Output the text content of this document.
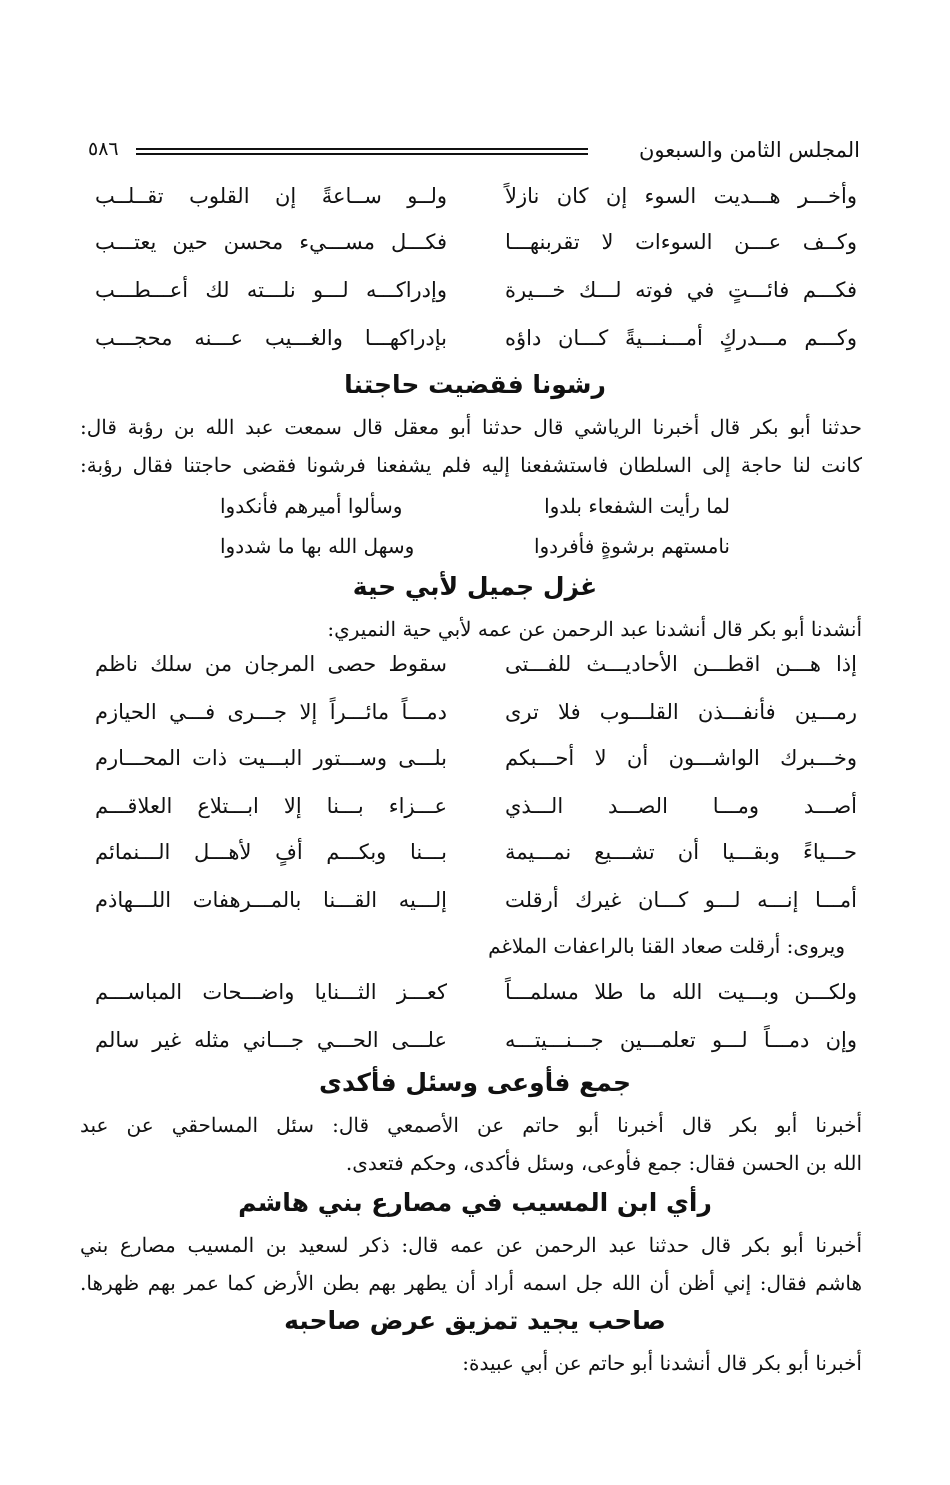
المجلس الثامن والسبعون
٥٨٦
وأخـــر هـــديت السوء إن كان نازلاً
ولــو ســاعةً إن القلوب تقــلــب
وكــف عـــن السوءات لا تقربنهـــا
فكـــل مســـيء محسن حين يعتـــب
فكـــم فائـــتٍ في فوته لـــك خـــيرة
وإدراكـــه لـــو نلـــته لك أعـــطـــب
وكـــم مـــدركٍ أمـــنـــيةً كـــان داؤه
بإدراكهـــا والغـــيب عـــنه محجـــب
رشونا فقضيت حاجتنا
حدثنا أبو بكر قال أخبرنا الرياشي قال حدثنا أبو معقل قال سمعت عبد الله بن رؤبة قال:
كانت لنا حاجة إلى السلطان فاستشفعنا إليه فلم يشفعنا فرشونا فقضى حاجتنا فقال رؤبة:
لما رأيت الشفعاء بلدوا
وسألوا أميرهم فأنكدوا
نامستهم برشوةٍ فأفردوا
وسهل الله بها ما شددوا
غزل جميل لأبي حية
أنشدنا أبو بكر قال أنشدنا عبد الرحمن عن عمه لأبي حية النميري:
إذا هـــن اقطـــن الأحاديـــث للفـــتى
سقوط حصى المرجان من سلك ناظم
رمـــين فأنفـــذن القلـــوب فلا ترى
دمـــاً مائـــراً إلا جـــرى فـــي الحيازم
وخـــبرك الواشـــون أن لا أحـــبكم
بلـــى وســـتور البـــيت ذات المحـــارم
أصـــد ومـــا الصـــد الـــذي
عـــزاء بـــنا إلا ابـــتلاع العلاقـــم
حـــياءً وبقـــيا أن تشـــيع نمـــيمة
بـــنا وبكـــم أفٍ لأهـــل الـــنمائم
أمـــا إنـــه لـــو كـــان غيرك أرقلت
إلـــيه القـــنا بالمـــرهفات اللـــهاذم
ويروى: أرقلت صعاد القنا بالراعفات الملاغم
ولكـــن وبـــيت الله ما طلا مسلمـــاً
كعـــز الثـــنايا واضـــحات المباســـم
وإن دمـــاً لـــو تعلمـــين جـــنـــيتـــه
علـــى الحـــي جـــاني مثله غير سالم
جمع فأوعى وسئل فأكدى
أخبرنا أبو بكر قال أخبرنا أبو حاتم عن الأصمعي قال: سئل المساحقي عن عبد
الله بن الحسن فقال: جمع فأوعى، وسئل فأكدى، وحكم فتعدى.
رأي ابن المسيب في مصارع بني هاشم
أخبرنا أبو بكر قال حدثنا عبد الرحمن عن عمه قال: ذكر لسعيد بن المسيب مصارع بني
هاشم فقال: إني أظن أن الله جل اسمه أراد أن يطهر بهم بطن الأرض كما عمر بهم ظهرها.
صاحب يجيد تمزيق عرض صاحبه
أخبرنا أبو بكر قال أنشدنا أبو حاتم عن أبي عبيدة:
